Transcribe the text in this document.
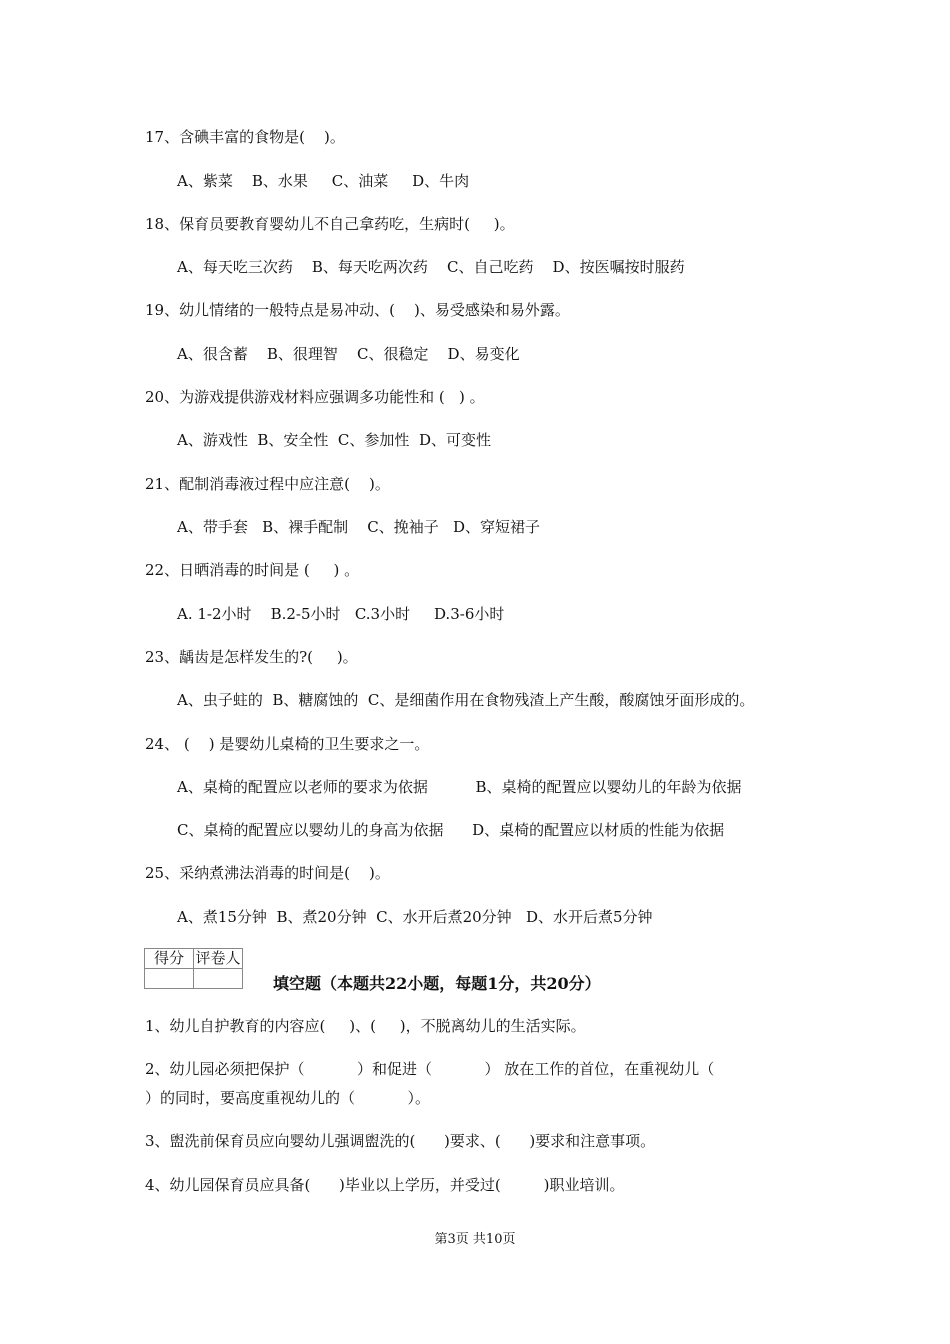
17、含碘丰富的食物是(    )。
A、紫菜    B、水果     C、油菜     D、牛肉
18、保育员要教育婴幼儿不自己拿药吃，生病时(     )。
A、每天吃三次药    B、每天吃两次药    C、自己吃药    D、按医嘱按时服药
19、幼儿情绪的一般特点是易冲动、(    )、易受感染和易外露。
A、很含蓄    B、很理智    C、很稳定    D、易变化
20、为游戏提供游戏材料应强调多功能性和 (   ) 。
A、游戏性  B、安全性  C、参加性  D、可变性
21、配制消毒液过程中应注意(    )。
A、带手套   B、裸手配制    C、挽袖子   D、穿短裙子
22、日晒消毒的时间是 (     ) 。
A. 1-2小时    B.2-5小时   C.3小时     D.3-6小时
23、龋齿是怎样发生的?(     )。
A、虫子蛀的  B、糖腐蚀的  C、是细菌作用在食物残渣上产生酸，酸腐蚀牙面形成的。
24、 (    ) 是婴幼儿桌椅的卫生要求之一。
A、桌椅的配置应以老师的要求为依据          B、桌椅的配置应以婴幼儿的年龄为依据
C、桌椅的配置应以婴幼儿的身高为依据      D、桌椅的配置应以材质的性能为依据
25、采纳煮沸法消毒的时间是(    )。
A、煮15分钟  B、煮20分钟  C、水开后煮20分钟   D、水开后煮5分钟
得分	评卷人

填空题（本题共22小题，每题1分，共20分）
1、幼儿自护教育的内容应(     )、(     )，不脱离幼儿的生活实际。
2、幼儿园必须把保护（           ）和促进（           ） 放在工作的首位，在重视幼儿（
）的同时，要高度重视幼儿的（           ）。
3、盥洗前保育员应向婴幼儿强调盥洗的(      )要求、(      )要求和注意事项。
4、幼儿园保育员应具备(      )毕业以上学历，并受过(         )职业培训。
第3页 共10页
